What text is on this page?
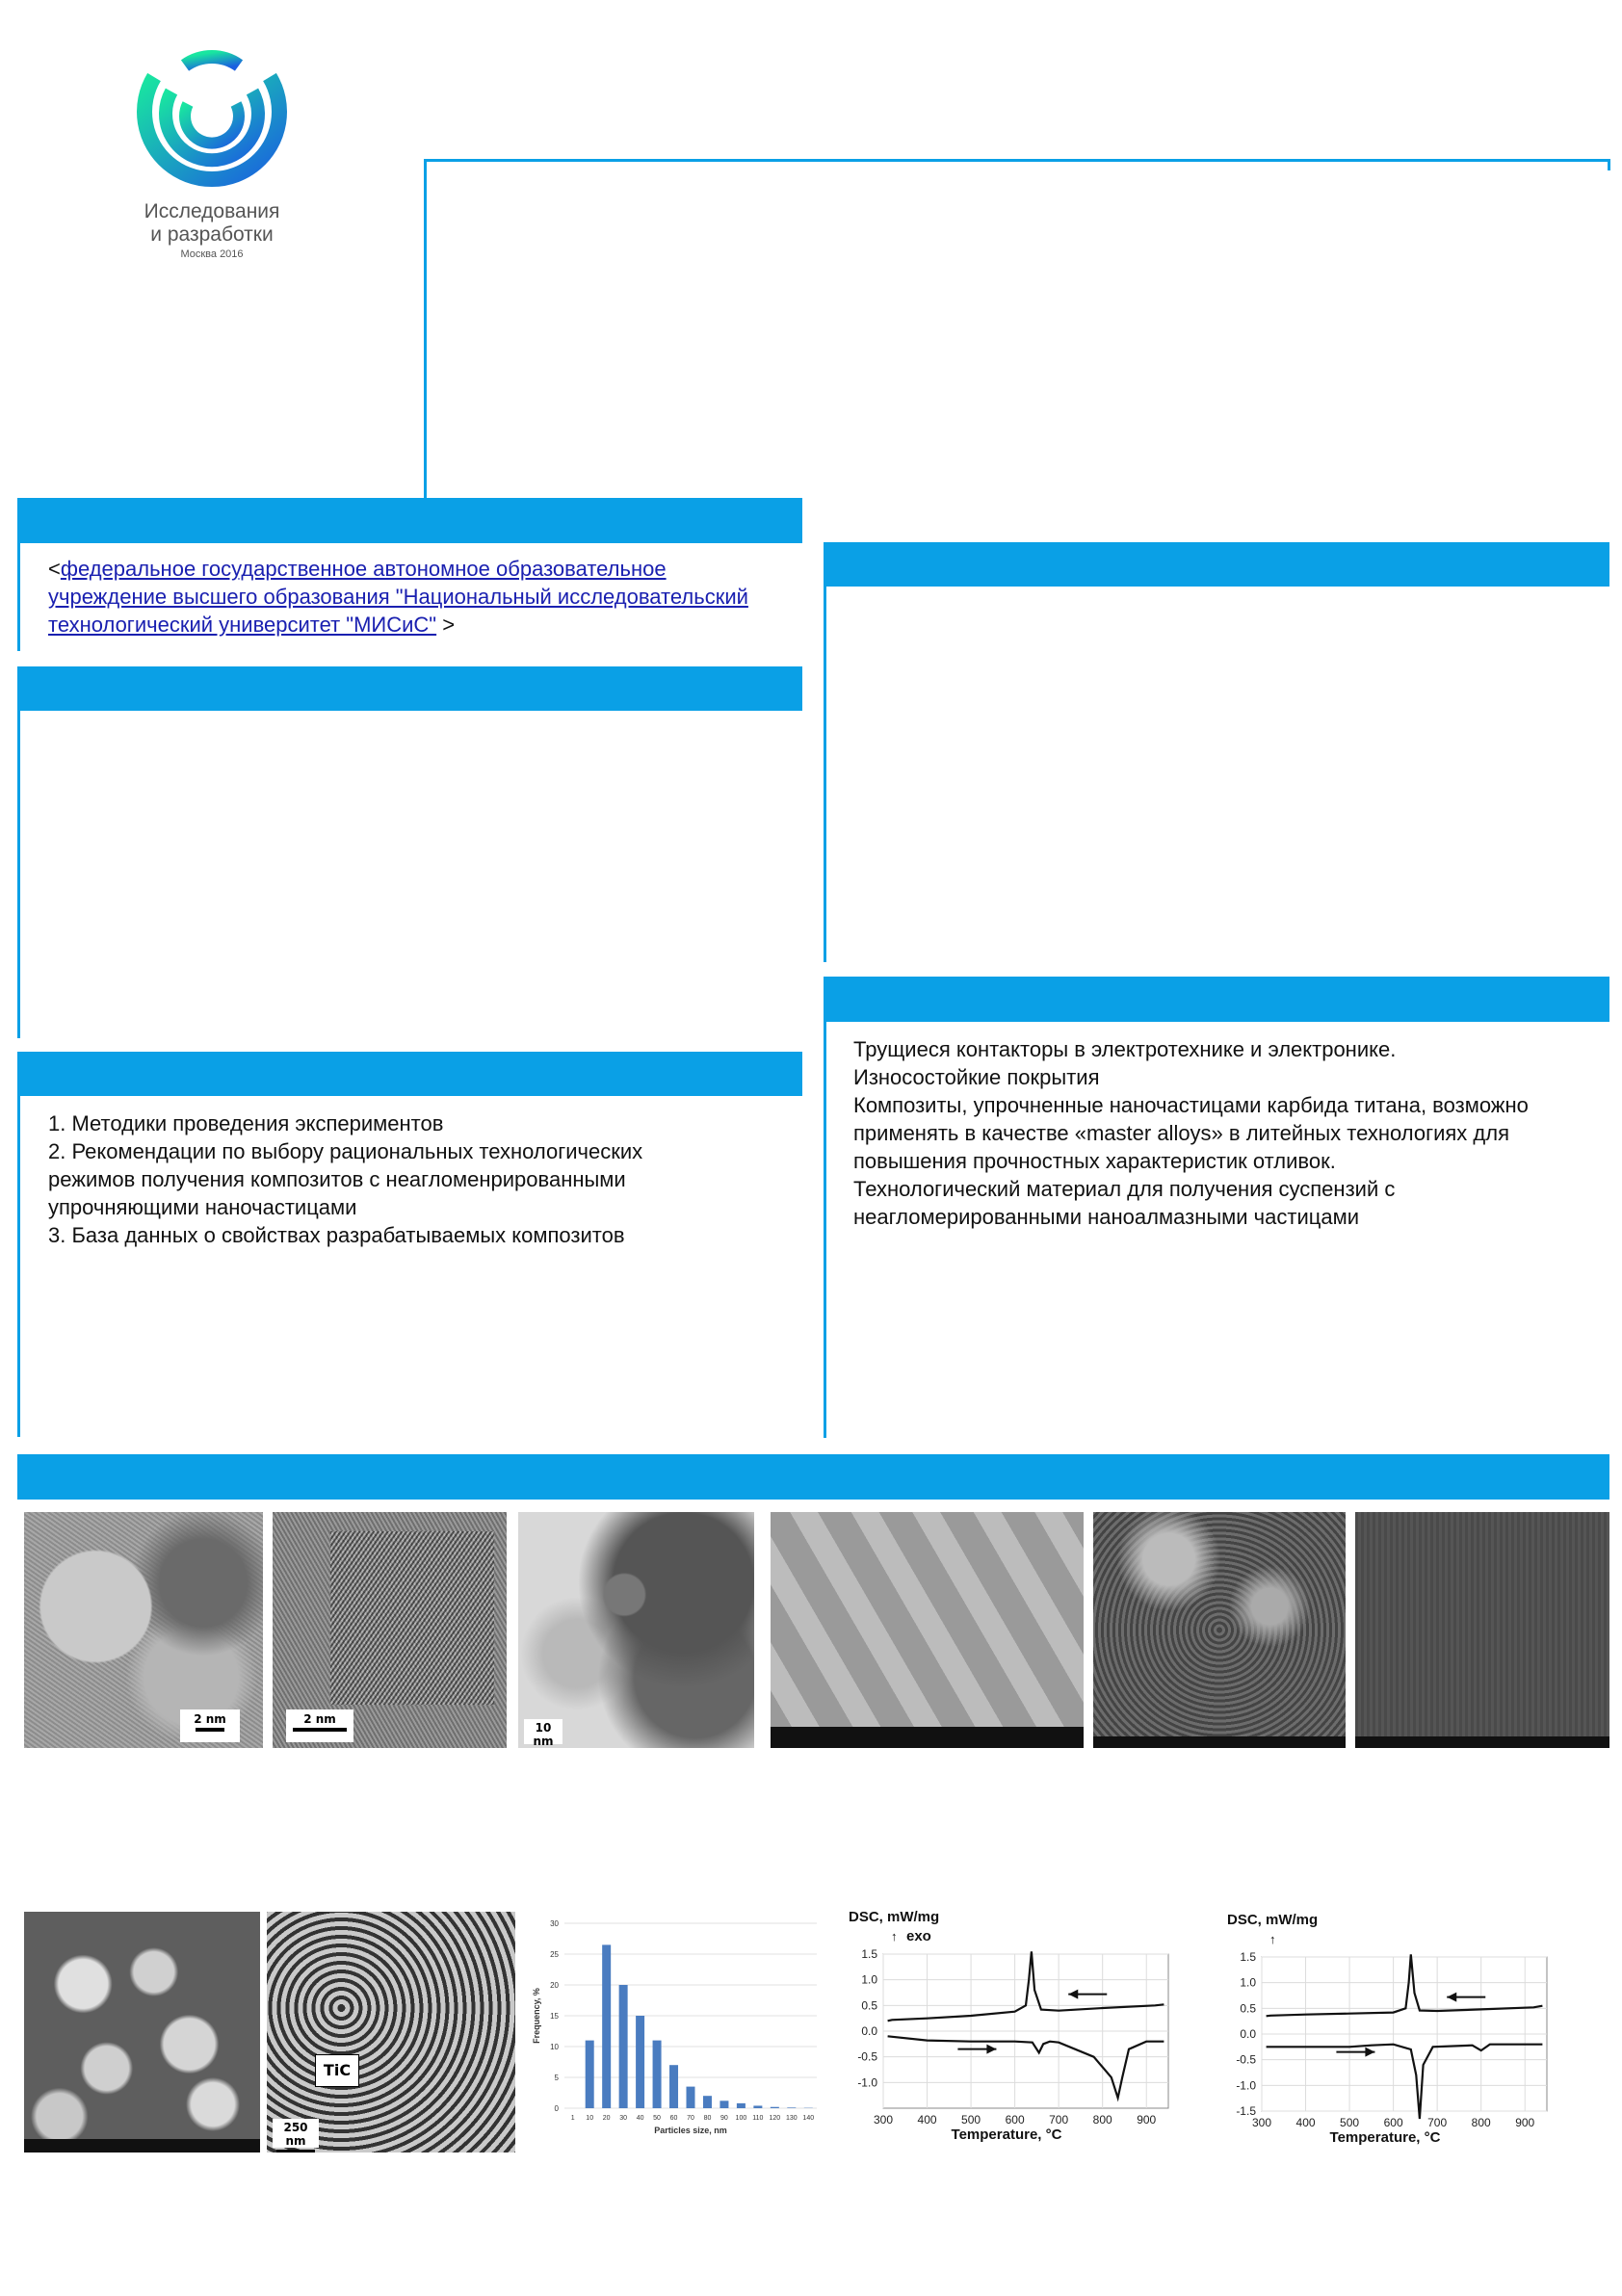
Исследования
и разработки
Москва 2016
<федеральное государственное автономное образовательное учреждение высшего образования "Национальный исследовательский технологический университет "МИСиС" >
1. Методики проведения экспериментов
2. Рекомендации по выбору рациональных технологических режимов получения композитов с неагломенрированными упрочняющими наночастицами
3. База данных о свойствах разрабатываемых композитов
Трущиеся контакторы в электротехнике и электронике.
Износостойкие покрытия
Композиты, упрочненные наночастицами карбида титана, возможно применять в качестве «master alloys» в литейных технологиях для повышения прочностных характеристик отливок.
Технологический материал для получения суспензий с неагломерированными наноалмазными частицами
2 nm	2 nm
10 nm
TiC
250 nm
0
5
10
15
20
25
30
1 10 20 30 40 50 60 70 80 90 100 110 120 130 140
Particles size, nm
Frequency, %
1.5
1.0
0.5
0.0
-0.5
-1.0
300 400 500 600 700 800 900
DSC, mW/mg
Temperature, °C
↑ exo
1.5
1.0
0.5
0.0
-0.5
-1.0
-1.5
300 400 500 600 700 800 900
DSC, mW/mg
Temperature, °C
↑
